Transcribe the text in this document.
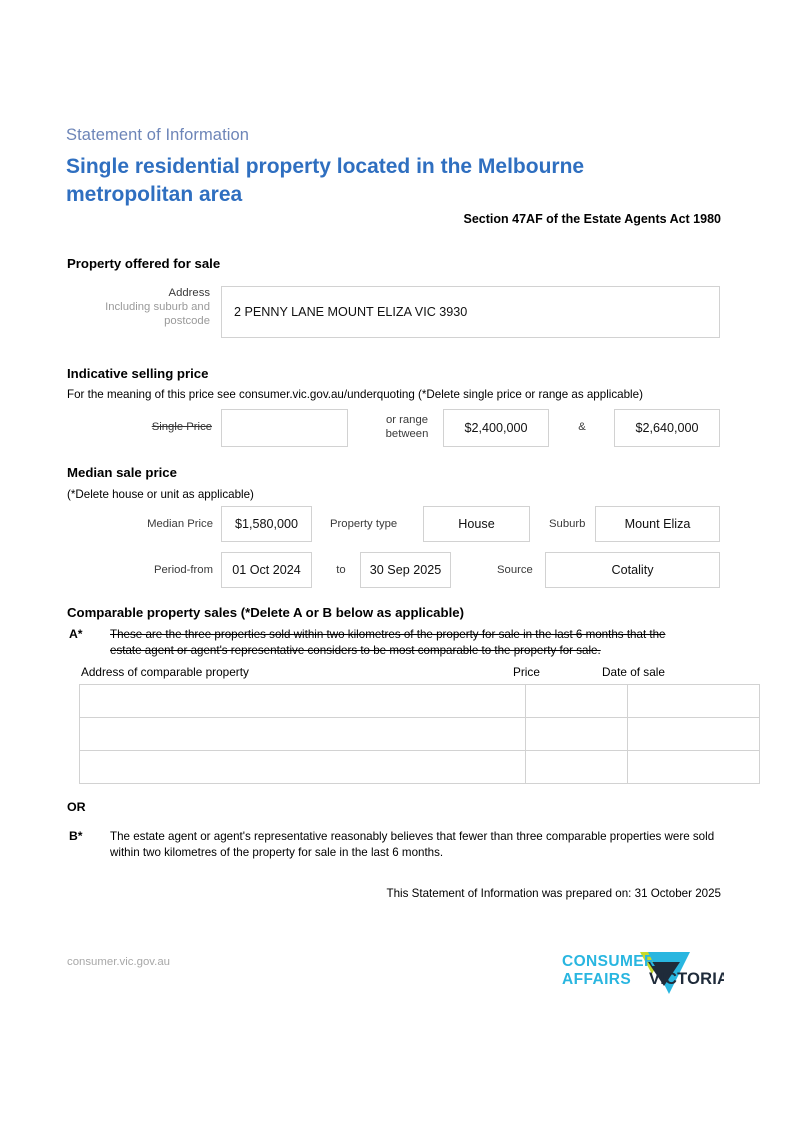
Statement of Information
Single residential property located in the Melbourne metropolitan area
Section 47AF of the Estate Agents Act 1980
Property offered for sale
Address
Including suburb and
postcode
2 PENNY LANE MOUNT ELIZA VIC 3930
Indicative selling price
For the meaning of this price see consumer.vic.gov.au/underquoting (*Delete single price or range as applicable)
Single Price
or range
between	$2,400,000	&	$2,640,000
Median sale price
(*Delete house or unit as applicable)
Median Price	$1,580,000	Property type	House	Suburb	Mount Eliza
Period-from	01 Oct 2024	to	30 Sep 2025	Source	Cotality
Comparable property sales (*Delete A or B below as applicable)
A* These are the three properties sold within two kilometres of the property for sale in the last 6 months that the estate agent or agent's representative considers to be most comparable to the property for sale.
Address of comparable property	Price	Date of sale

OR
B* The estate agent or agent's representative reasonably believes that fewer than three comparable properties were sold within two kilometres of the property for sale in the last 6 months.
This Statement of Information was prepared on: 31 October 2025
consumer.vic.gov.au	CONSUMER
AFFAIRS VICTORIA
